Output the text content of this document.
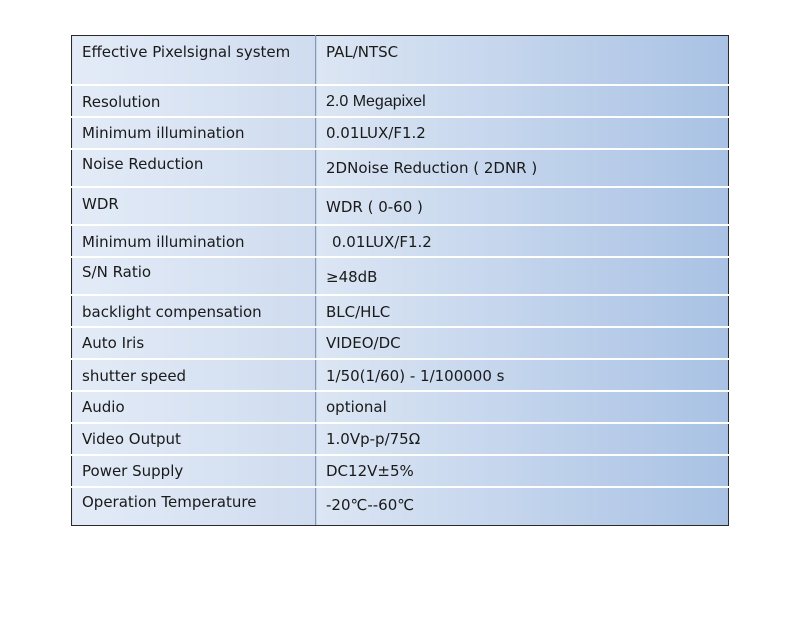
Effective Pixelsignal system	PAL/NTSC

Resolution	2.0 Megapixel

Minimum illumination	0.01LUX/F1.2

Noise Reduction	2DNoise Reduction ( 2DNR )

WDR	WDR ( 0-60 )

Minimum illumination	0.01LUX/F1.2

S/N Ratio	≥48dB

backlight compensation	BLC/HLC

Auto Iris	VIDEO/DC

shutter speed	1/50(1/60) - 1/100000 s

Audio	optional

Video Output	1.0Vp-p/75Ω

Power Supply	DC12V±5%

Operation Temperature	-20℃--60℃
